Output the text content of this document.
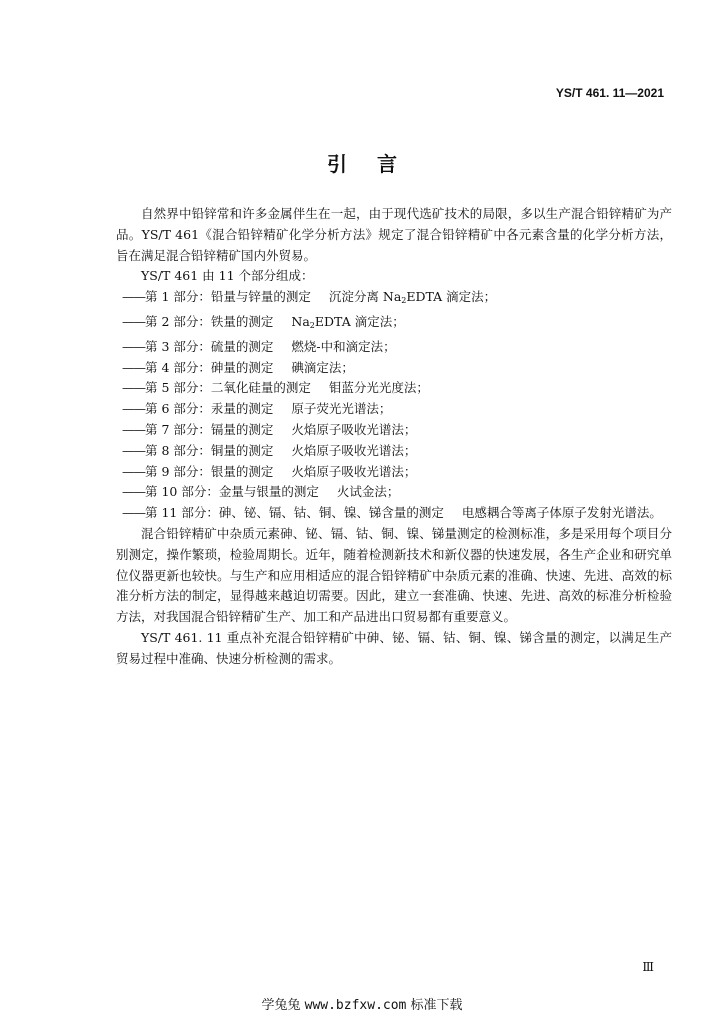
YS/T 461. 11—2021
引言

自然界中铅锌常和许多金属伴生在一起，由于现代选矿技术的局限，多以生产混合铅锌精矿为产品。YS/T 461《混合铅锌精矿化学分析方法》规定了混合铅锌精矿中各元素含量的化学分析方法，旨在满足混合铅锌精矿国内外贸易。

YS/T 461 由 11 个部分组成：

——第 1 部分：铅量与锌量的测定 沉淀分离 $Na_2EDTA$ 滴定法；
——第 2 部分：铁量的测定 $Na_2EDTA$ 滴定法；
——第 3 部分：硫量的测定 燃烧-中和滴定法；
——第 4 部分：砷量的测定 碘滴定法；
——第 5 部分：二氧化硅量的测定 钼蓝分光光度法；
——第 6 部分：汞量的测定 原子荧光光谱法；
——第 7 部分：镉量的测定 火焰原子吸收光谱法；
——第 8 部分：铜量的测定 火焰原子吸收光谱法；
——第 9 部分：银量的测定 火焰原子吸收光谱法；
——第 10 部分：金量与银量的测定 火试金法；
——第 11 部分：砷、铋、镉、钴、铜、镍、锑含量的测定 电感耦合等离子体原子发射光谱法。

混合铅锌精矿中杂质元素砷、铋、镉、钴、铜、镍、锑量测定的检测标准，多是采用每个项目分别测定，操作繁琐，检验周期长。近年，随着检测新技术和新仪器的快速发展，各生产企业和研究单位仪器更新也较快。与生产和应用相适应的混合铅锌精矿中杂质元素的准确、快速、先进、高效的标准分析方法的制定，显得越来越迫切需要。因此，建立一套准确、快速、先进、高效的标准分析检验方法，对我国混合铅锌精矿生产、加工和产品进出口贸易都有重要意义。

YS/T 461. 11 重点补充混合铅锌精矿中砷、铋、镉、钴、铜、镍、锑含量的测定，以满足生产贸易过程中准确、快速分析检测的需求。

Ⅲ
学兔兔 www.bzfxw.com 标准下载
